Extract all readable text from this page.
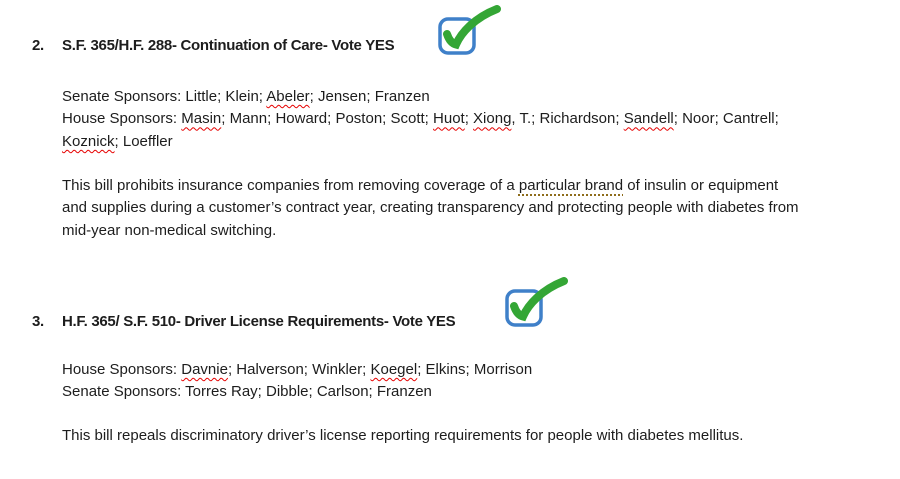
2. S.F. 365/H.F. 288- Continuation of Care- Vote YES
Senate Sponsors: Little; Klein; Abeler; Jensen; Franzen
House Sponsors: Masin; Mann; Howard; Poston; Scott; Huot; Xiong, T.; Richardson; Sandell; Noor; Cantrell;
Koznick; Loeffler
This bill prohibits insurance companies from removing coverage of a particular brand of insulin or equipment
and supplies during a customer’s contract year, creating transparency and protecting people with diabetes from
mid-year non-medical switching.
3. H.F. 365/ S.F. 510- Driver License Requirements- Vote YES
House Sponsors: Davnie; Halverson; Winkler; Koegel; Elkins; Morrison
Senate Sponsors: Torres Ray; Dibble; Carlson; Franzen
This bill repeals discriminatory driver’s license reporting requirements for people with diabetes mellitus.
